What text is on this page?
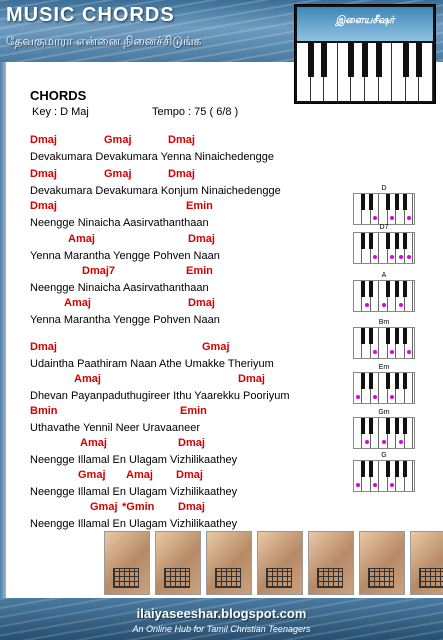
MUSIC CHORDS
தேவகுமாரா என்னை நினைச்சிடுங்க
இளையசீஷர்
CHORDS
Key : D Maj	Tempo : 75 ( 6/8 )
Dmaj	Gmaj	Dmaj
Devakumara Devakumara Yenna Ninaichedengge
Dmaj	Gmaj	Dmaj
Devakumara Devakumara Konjum Ninaichedengge
Dmaj	Emin
Neengge Ninaicha Aasirvathanthaan
Amaj	Dmaj
Yenna Marantha Yengge Pohven Naan
Dmaj7	Emin
Neengge Ninaicha Aasirvathanthaan
Amaj	Dmaj
Yenna Marantha Yengge Pohven Naan
Dmaj	Gmaj
Udaintha Paathiram Naan Athe Umakke Theriyum
Amaj	Dmaj
Dhevan Payanpaduthugireer Ithu Yaarekku Pooriyum
Bmin	Emin
Uthavathe Yennil Neer Uravaaneer
Amaj	Dmaj
Neengge Illamal En Ulagam Vizhilikaathey
Gmaj Amaj Dmaj
Neengge Illamal En Ulagam Vizhilikaathey
Gmaj *Gmin Dmaj
Neengge Illamal En Ulagam Vizhilikaathey
D
D7
A
Bm
Em
Gm
G
ilaiyaseeshar.blogspot.com
An Online Hub for Tamil Christian Teenagers
